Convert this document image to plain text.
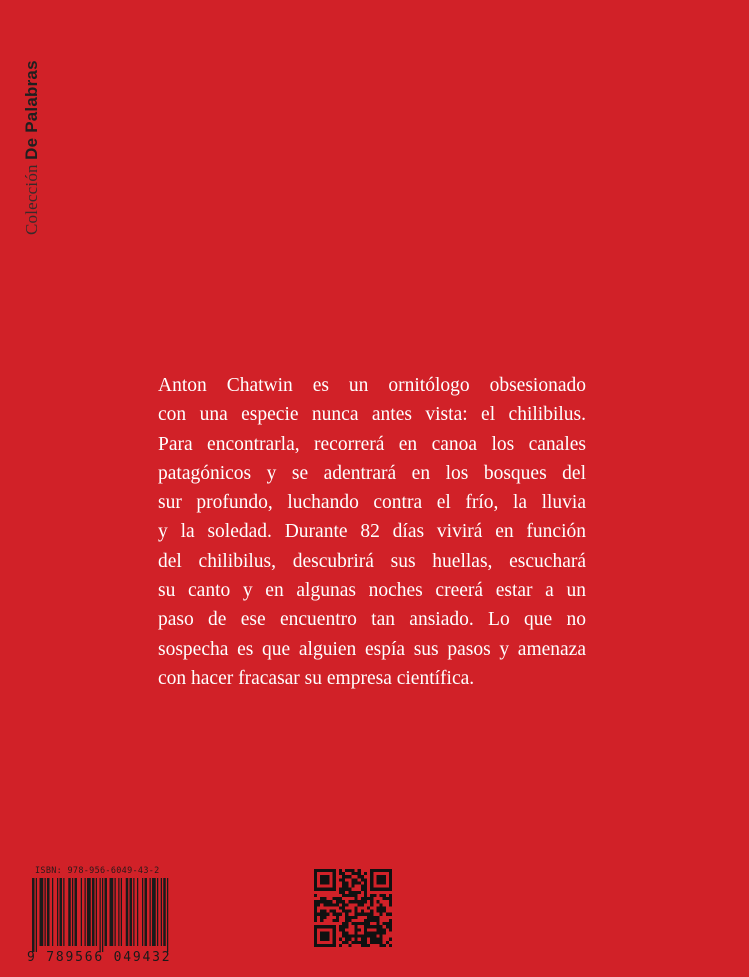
Colección De Palabras

Anton Chatwin es un ornitólogo obsesionado
con una especie nunca antes vista: el chilibilus.
Para encontrarla, recorrerá en canoa los canales
patagónicos y se adentrará en los bosques del
sur profundo, luchando contra el frío, la lluvia
y la soledad. Durante 82 días vivirá en función
del chilibilus, descubrirá sus huellas, escuchará
su canto y en algunas noches creerá estar a un
paso de ese encuentro tan ansiado. Lo que no
sospecha es que alguien espía sus pasos y amenaza
con hacer fracasar su empresa científica.

ISBN: 978-956-6049-43-2
9 789566 049432
